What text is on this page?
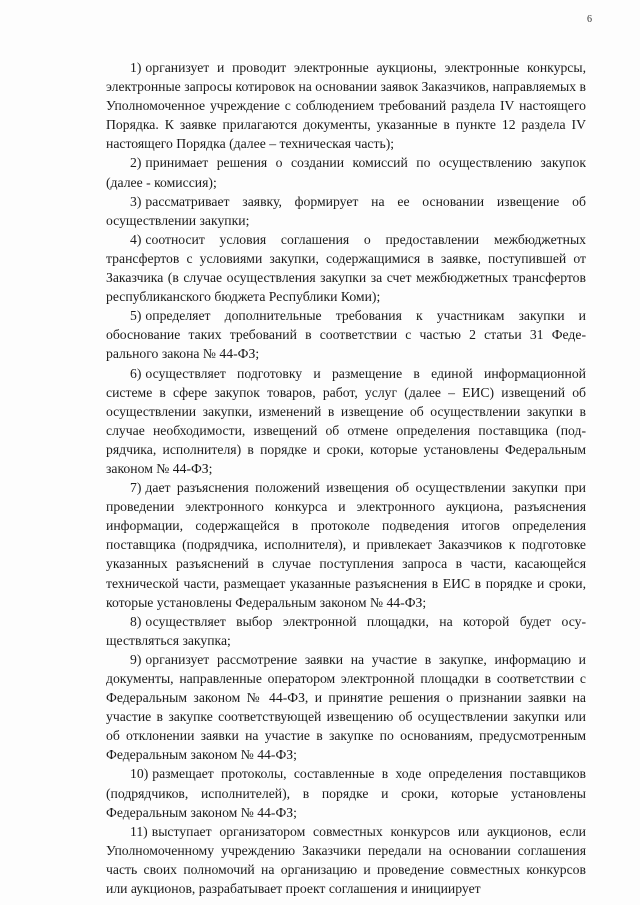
6

1) организует и проводит электронные аукционы, электронные конкурсы, электронные запросы котировок на основании заявок Заказчиков, направляемых в Уполномоченное учреждение с соблюдением требований раздела IV настоящего Порядка. К заявке прилагаются документы, указанные в пункте 12 раздела IV настоящего Порядка (далее – техническая часть);

2) принимает решения о создании комиссий по осуществлению закупок (далее - комиссия);

3) рассматривает заявку, формирует на ее основании извещение об осуществлении закупки;

4) соотносит условия соглашения о предоставлении межбюджетных трансфертов с условиями закупки, содержащимися в заявке, поступившей от Заказчика (в случае осуществления закупки за счет межбюджетных трансфертов республиканского бюджета Республики Коми);

5) определяет дополнительные требования к участникам закупки и обоснование таких требований в соответствии с частью 2 статьи 31 Федерального закона № 44-ФЗ;

6) осуществляет подготовку и размещение в единой информационной системе в сфере закупок товаров, работ, услуг (далее – ЕИС) извещений об осуществлении закупки, изменений в извещение об осуществлении закупки в случае необходимости, извещений об отмене определения поставщика (подрядчика, исполнителя) в порядке и сроки, которые установлены Федеральным законом № 44-ФЗ;

7) дает разъяснения положений извещения об осуществлении закупки при проведении электронного конкурса и электронного аукциона, разъяснения информации, содержащейся в протоколе подведения итогов определения поставщика (подрядчика, исполнителя), и привлекает Заказчиков к подготовке указанных разъяснений в случае поступления запроса в части, касающейся технической части, размещает указанные разъяснения в ЕИС в порядке и сроки, которые установлены Федеральным законом № 44-ФЗ;

8) осуществляет выбор электронной площадки, на которой будет осуществляться закупка;

9) организует рассмотрение заявки на участие в закупке, информацию и документы, направленные оператором электронной площадки в соответствии с Федеральным законом № 44-ФЗ, и принятие решения о признании заявки на участие в закупке соответствующей извещению об осуществлении закупки или об отклонении заявки на участие в закупке по основаниям, предусмотренным Федеральным законом № 44-ФЗ;

10) размещает протоколы, составленные в ходе определения поставщиков (подрядчиков, исполнителей), в порядке и сроки, которые установлены Федеральным законом № 44-ФЗ;

11) выступает организатором совместных конкурсов или аукционов, если Уполномоченному учреждению Заказчики передали на основании соглашения часть своих полномочий на организацию и проведение совместных конкурсов или аукционов, разрабатывает проект соглашения и инициирует
